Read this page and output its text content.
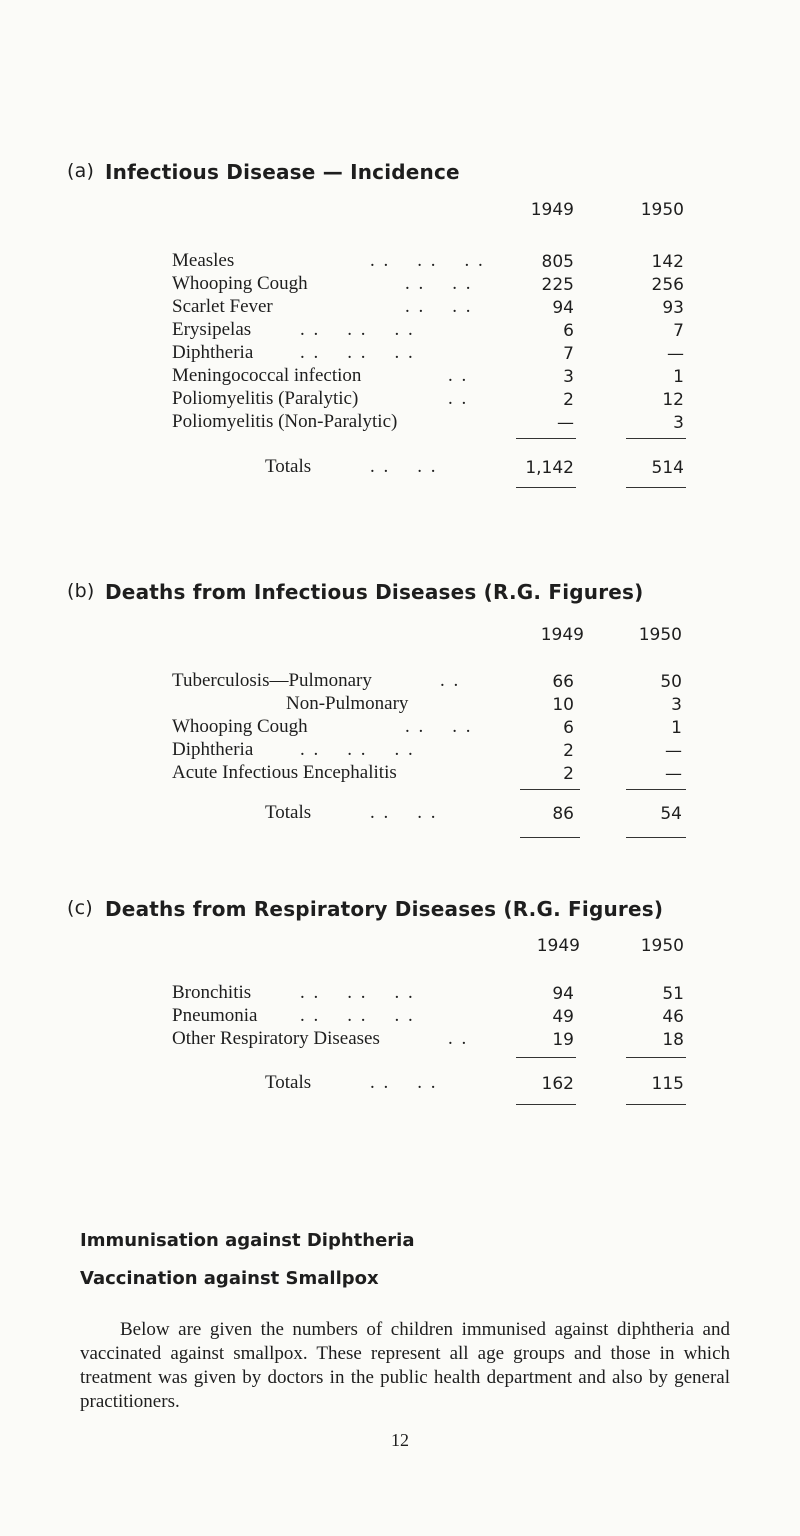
(a) Infectious Disease — Incidence
1949	1950
Measles	. .    . .    . .	805	142
Whooping Cough	. .    . .	225	256
Scarlet Fever	. .    . .	94	93
Erysipelas	. .    . .    . .	6	7
Diphtheria . .    . .    . .	7	—
Meningococcal infection	. .	3	1
Poliomyelitis (Paralytic)	. .	2	12
Poliomyelitis (Non-Paralytic)	—	3
Totals	. .    . .	1,142	514
(b) Deaths from Infectious Diseases (R.G. Figures)
1949	1950
Tuberculosis—Pulmonary	. .	66	50
Non-Pulmonary	10	3
Whooping Cough	. .    . .	6	1
Diphtheria . .    . .    . .	2	—
Acute Infectious Encephalitis	2	—
Totals	. .    . .	86	54
(c) Deaths from Respiratory Diseases (R.G. Figures)
1949	1950
Bronchitis	. .    . .    . .	94	51
Pneumonia . .    . .    . .	49	46
Other Respiratory Diseases	. .	19	18
Totals	. .    . .	162	115
Immunisation against Diphtheria
Vaccination against Smallpox
Below are given the numbers of children immunised against diphtheria and vaccinated against smallpox. These represent all age groups and those in which treatment was given by doctors in the public health department and also by general practitioners.
12
